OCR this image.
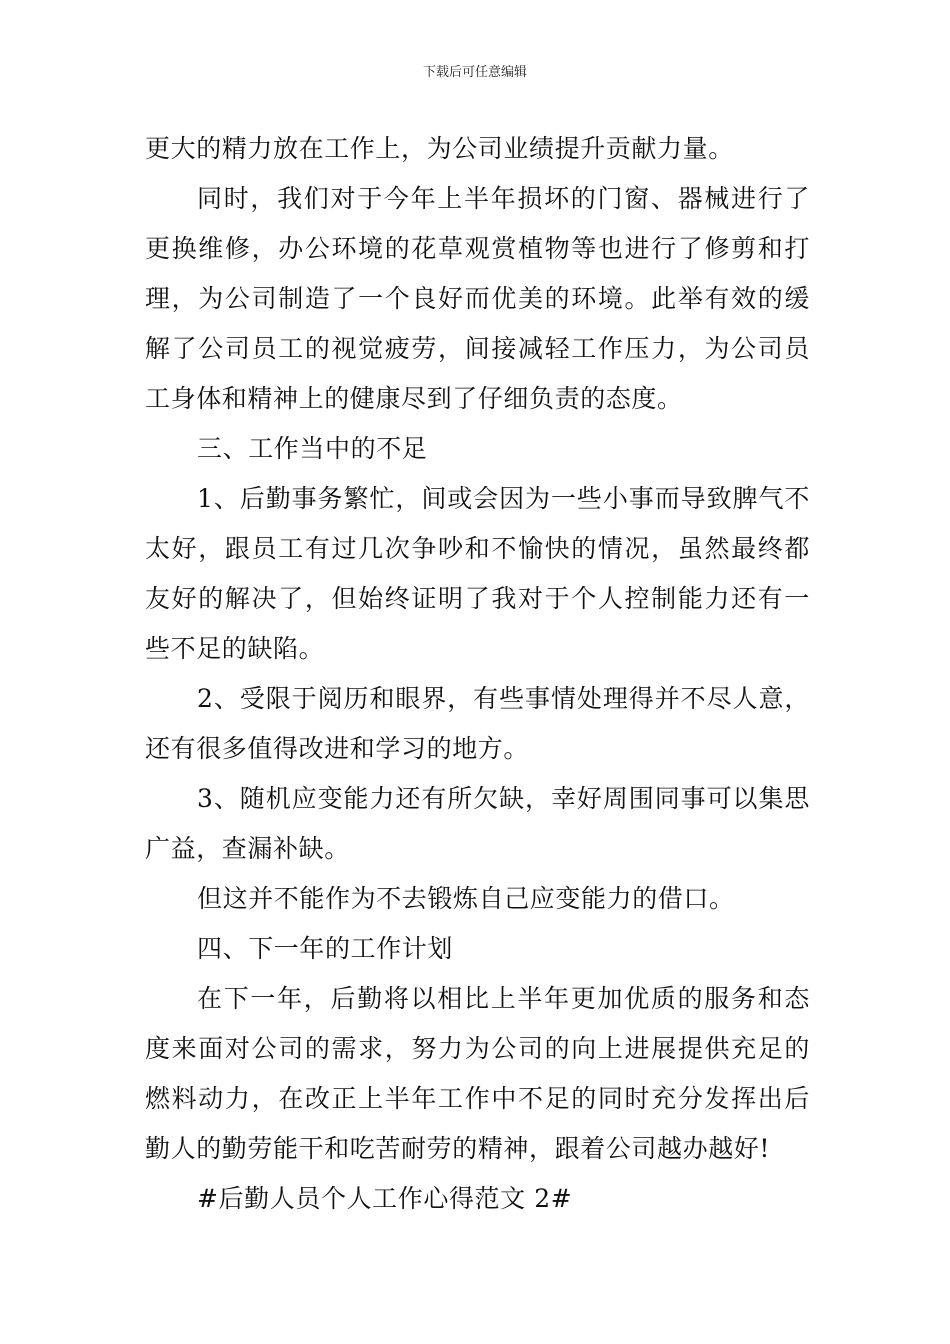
下载后可任意编辑

更大的精力放在工作上，为公司业绩提升贡献力量。

同时，我们对于今年上半年损坏的门窗、器械进行了更换维修，办公环境的花草观赏植物等也进行了修剪和打理，为公司制造了一个良好而优美的环境。此举有效的缓解了公司员工的视觉疲劳，间接减轻工作压力，为公司员工身体和精神上的健康尽到了仔细负责的态度。

三、工作当中的不足

1、后勤事务繁忙，间或会因为一些小事而导致脾气不太好，跟员工有过几次争吵和不愉快的情况，虽然最终都友好的解决了，但始终证明了我对于个人控制能力还有一些不足的缺陷。

2、受限于阅历和眼界，有些事情处理得并不尽人意，还有很多值得改进和学习的地方。

3、随机应变能力还有所欠缺，幸好周围同事可以集思广益，查漏补缺。

但这并不能作为不去锻炼自己应变能力的借口。

四、下一年的工作计划

在下一年，后勤将以相比上半年更加优质的服务和态度来面对公司的需求，努力为公司的向上进展提供充足的燃料动力，在改正上半年工作中不足的同时充分发挥出后勤人的勤劳能干和吃苦耐劳的精神，跟着公司越办越好!

#后勤人员个人工作心得范文 2#
